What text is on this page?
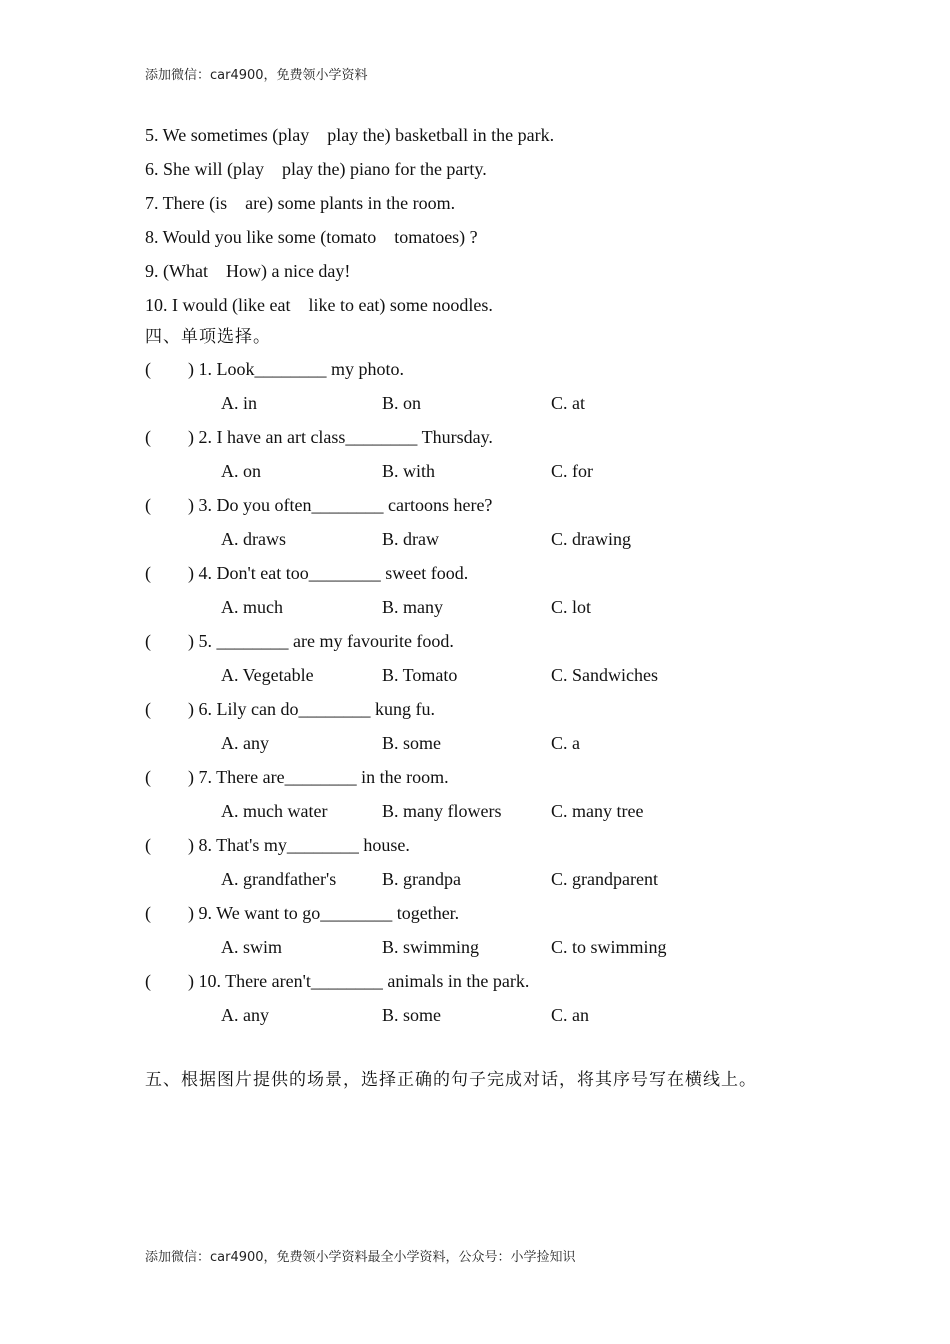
添加微信：car4900，免费领小学资料
5. We sometimes (play    play the) basketball in the park.
6. She will (play    play the) piano for the party.
7. There (is    are) some plants in the room.
8. Would you like some (tomato    tomatoes) ?
9. (What    How) a nice day!
10. I would (like eat    like to eat) some noodles.
四、单项选择。
( ) 1. Look________ my photo.
A. in	B. on	C. at
( ) 2. I have an art class________ Thursday.
A. on	B. with	C. for
( ) 3. Do you often________ cartoons here?
A. draws	B. draw	C. drawing
( ) 4. Don't eat too________ sweet food.
A. much	B. many	C. lot
( ) 5. ________ are my favourite food.
A. Vegetable	B. Tomato	C. Sandwiches
( ) 6. Lily can do________ kung fu.
A. any	B. some	C. a
( ) 7. There are________ in the room.
A. much water	B. many flowers	C. many tree
( ) 8. That's my________ house.
A. grandfather's	B. grandpa	C. grandparent
( ) 9. We want to go________ together.
A. swim	B. swimming	C. to swimming
( ) 10. There aren't________ animals in the park.
A. any	B. some	C. an
五、根据图片提供的场景，选择正确的句子完成对话，将其序号写在横线上。
添加微信：car4900，免费领小学资料最全小学资料，公众号：小学捡知识
